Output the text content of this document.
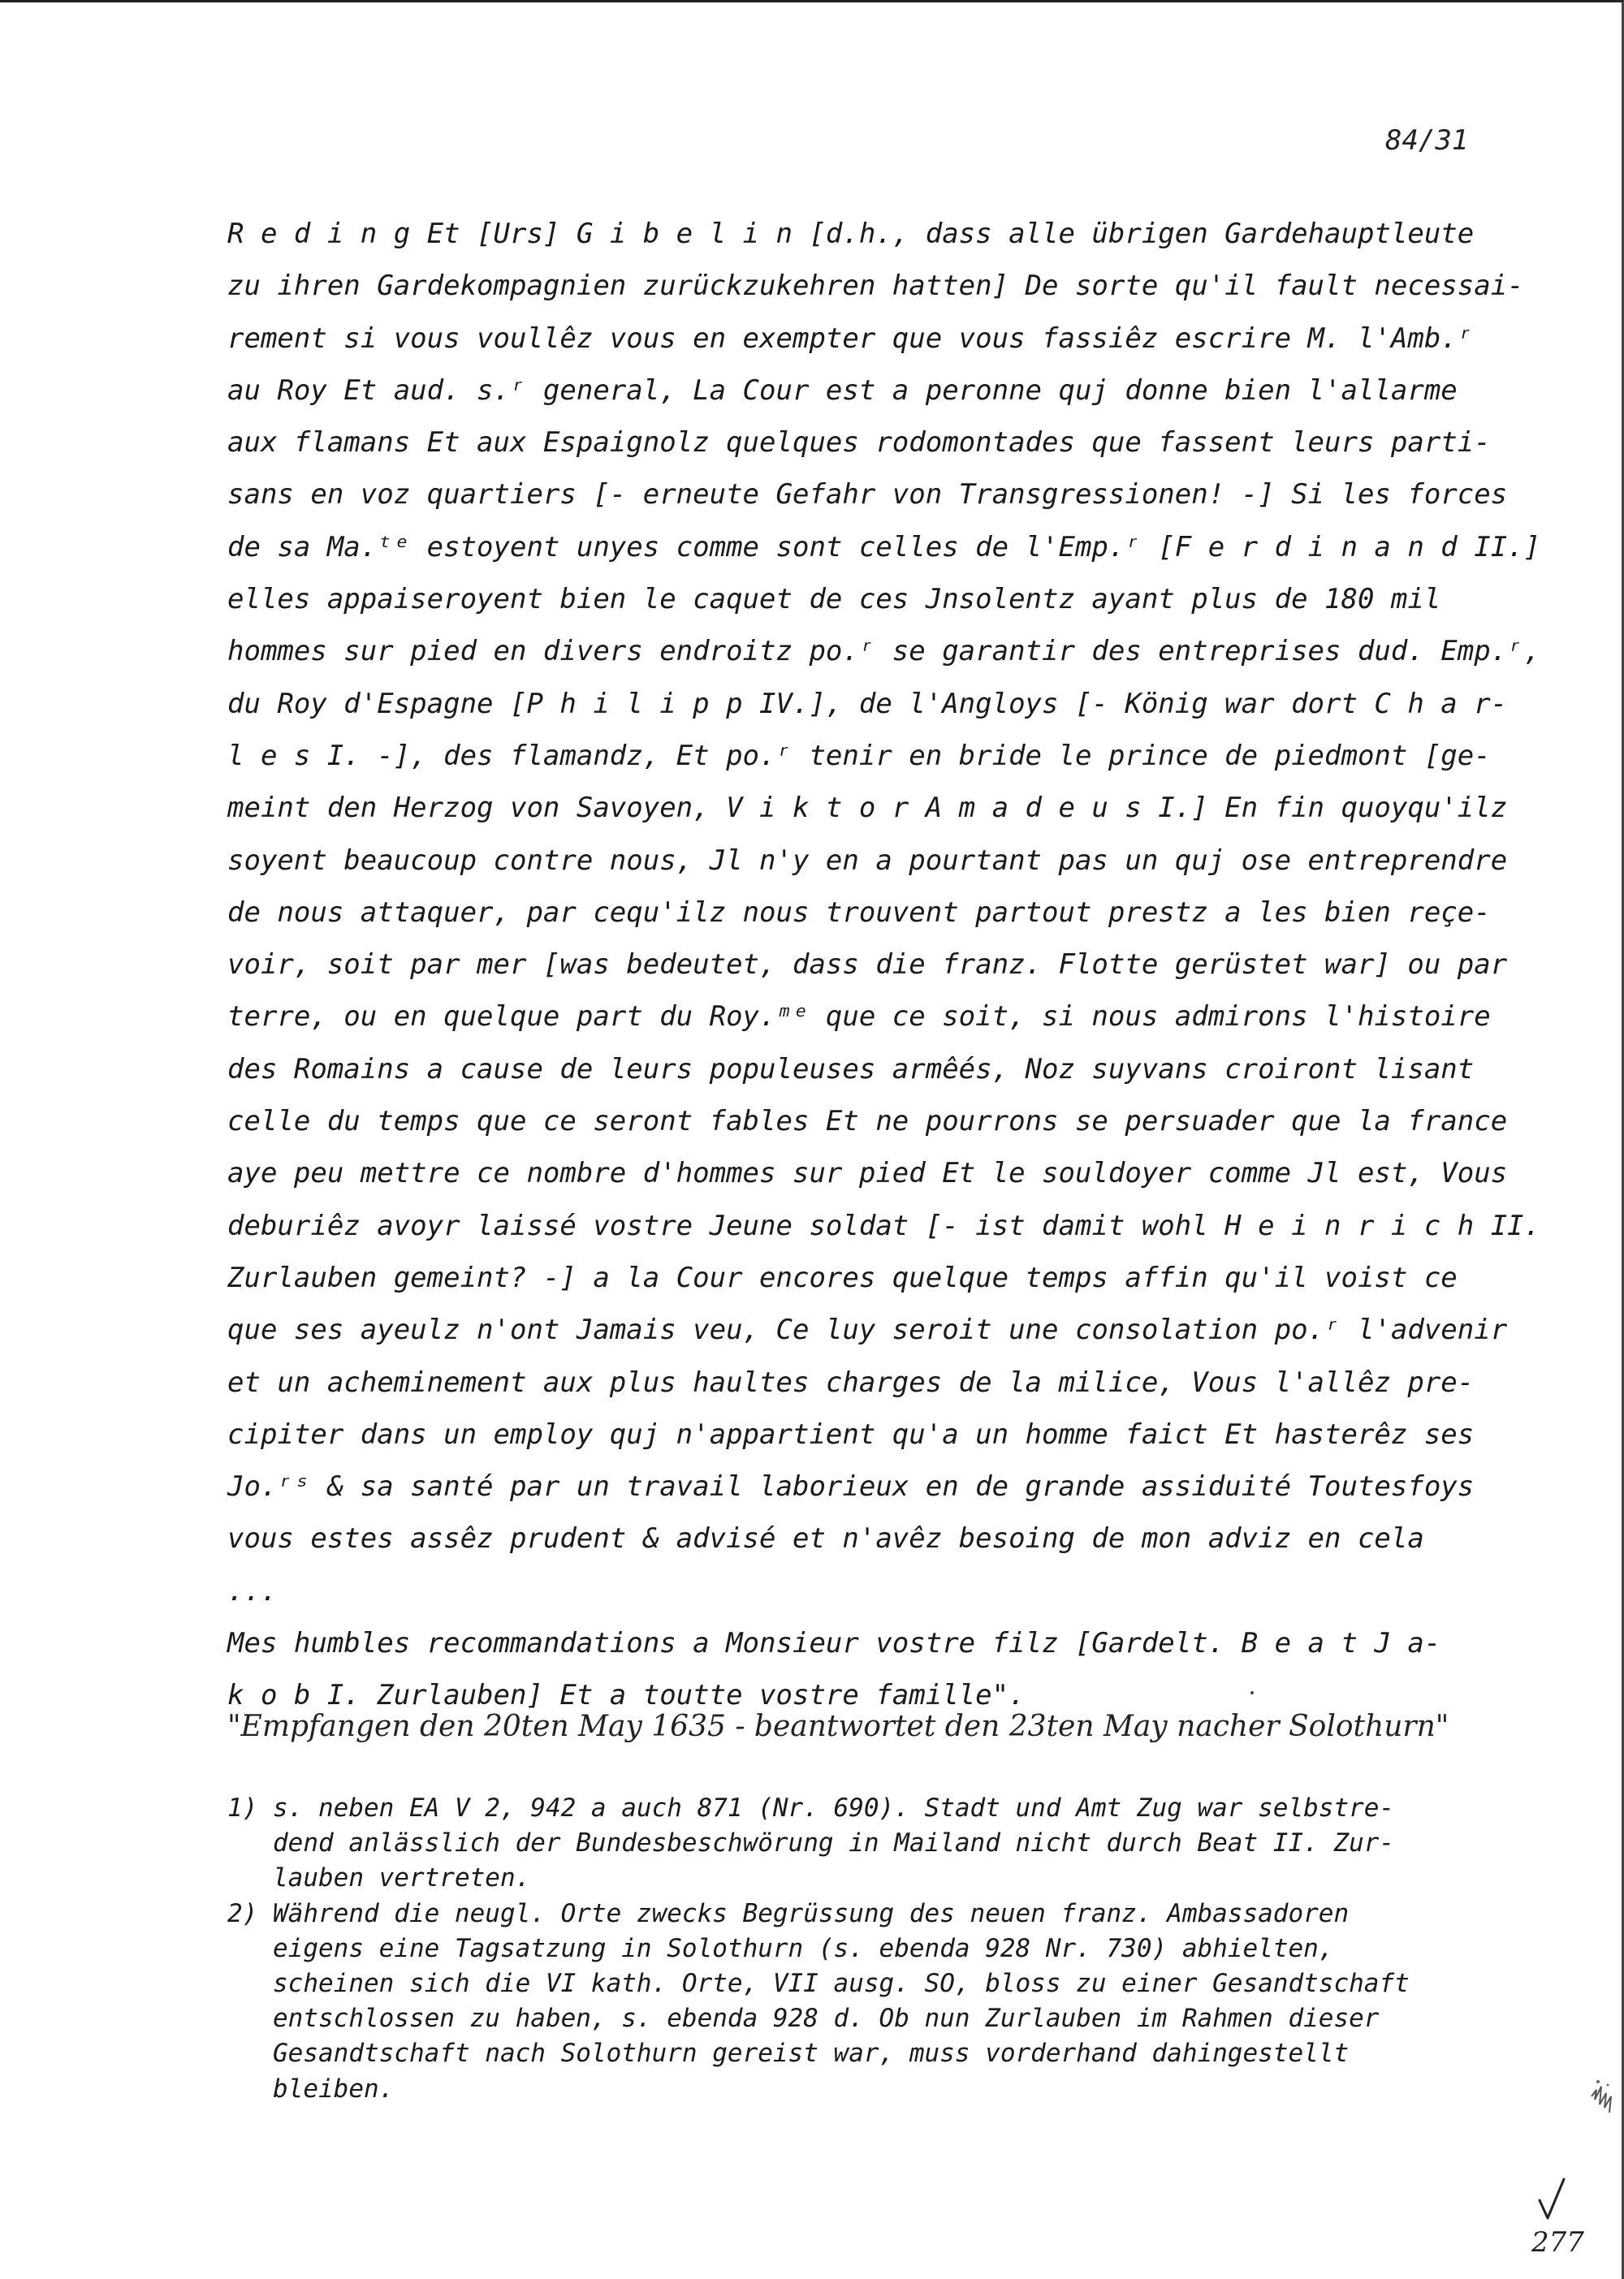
84/31
R e d i n g Et [Urs] G i b e l i n [d.h., dass alle übrigen Gardehauptleute
zu ihren Gardekompagnien zurückzukehren hatten] De sorte qu'il fault necessai-
rement si vous voullêz vous en exempter que vous fassiêz escrire M. l'Amb.ʳ
au Roy Et aud. s.ʳ general, La Cour est a peronne quj donne bien l'allarme
aux flamans Et aux Espaignolz quelques rodomontades que fassent leurs parti-
sans en voz quartiers [- erneute Gefahr von Transgressionen! -] Si les forces
de sa Ma.ᵗᵉ estoyent unyes comme sont celles de l'Emp.ʳ [F e r d i n a n d II.]
elles appaiseroyent bien le caquet de ces Jnsolentz ayant plus de 180 mil
hommes sur pied en divers endroitz po.ʳ se garantir des entreprises dud. Emp.ʳ,
du Roy d'Espagne [P h i l i p p IV.], de l'Angloys [- König war dort C h a r-
l e s I. -], des flamandz, Et po.ʳ tenir en bride le prince de piedmont [ge-
meint den Herzog von Savoyen, V i k t o r A m a d e u s I.] En fin quoyqu'ilz
soyent beaucoup contre nous, Jl n'y en a pourtant pas un quj ose entreprendre
de nous attaquer, par cequ'ilz nous trouvent partout prestz a les bien reçe-
voir, soit par mer [was bedeutet, dass die franz. Flotte gerüstet war] ou par
terre, ou en quelque part du Roy.ᵐᵉ que ce soit, si nous admirons l'histoire
des Romains a cause de leurs populeuses armêés, Noz suyvans croiront lisant
celle du temps que ce seront fables Et ne pourrons se persuader que la france
aye peu mettre ce nombre d'hommes sur pied Et le souldoyer comme Jl est, Vous
deburiêz avoyr laissé vostre Jeune soldat [- ist damit wohl H e i n r i c h II.
Zurlauben gemeint? -] a la Cour encores quelque temps affin qu'il voist ce
que ses ayeulz n'ont Jamais veu, Ce luy seroit une consolation po.ʳ l'advenir
et un acheminement aux plus haultes charges de la milice, Vous l'allêz pre-
cipiter dans un employ quj n'appartient qu'a un homme faict Et hasterêz ses
Jo.ʳˢ & sa santé par un travail laborieux en de grande assiduité Toutesfoys
vous estes assêz prudent & advisé et n'avêz besoing de mon adviz en cela
...
Mes humbles recommandations a Monsieur vostre filz [Gardelt. B e a t J a-
k o b I. Zurlauben] Et a toutte vostre famille".
"Empfangen den 20ten May 1635 - beantwortet den 23ten May nacher Solothurn"
1) s. neben EA V 2, 942 a auch 871 (Nr. 690). Stadt und Amt Zug war selbstre-
dend anlässlich der Bundesbeschwörung in Mailand nicht durch Beat II. Zur-
lauben vertreten.
2) Während die neugl. Orte zwecks Begrüssung des neuen franz. Ambassadoren
eigens eine Tagsatzung in Solothurn (s. ebenda 928 Nr. 730) abhielten,
scheinen sich die VI kath. Orte, VII ausg. SO, bloss zu einer Gesandtschaft
entschlossen zu haben, s. ebenda 928 d. Ob nun Zurlauben im Rahmen dieser
Gesandtschaft nach Solothurn gereist war, muss vorderhand dahingestellt
bleiben.
277
